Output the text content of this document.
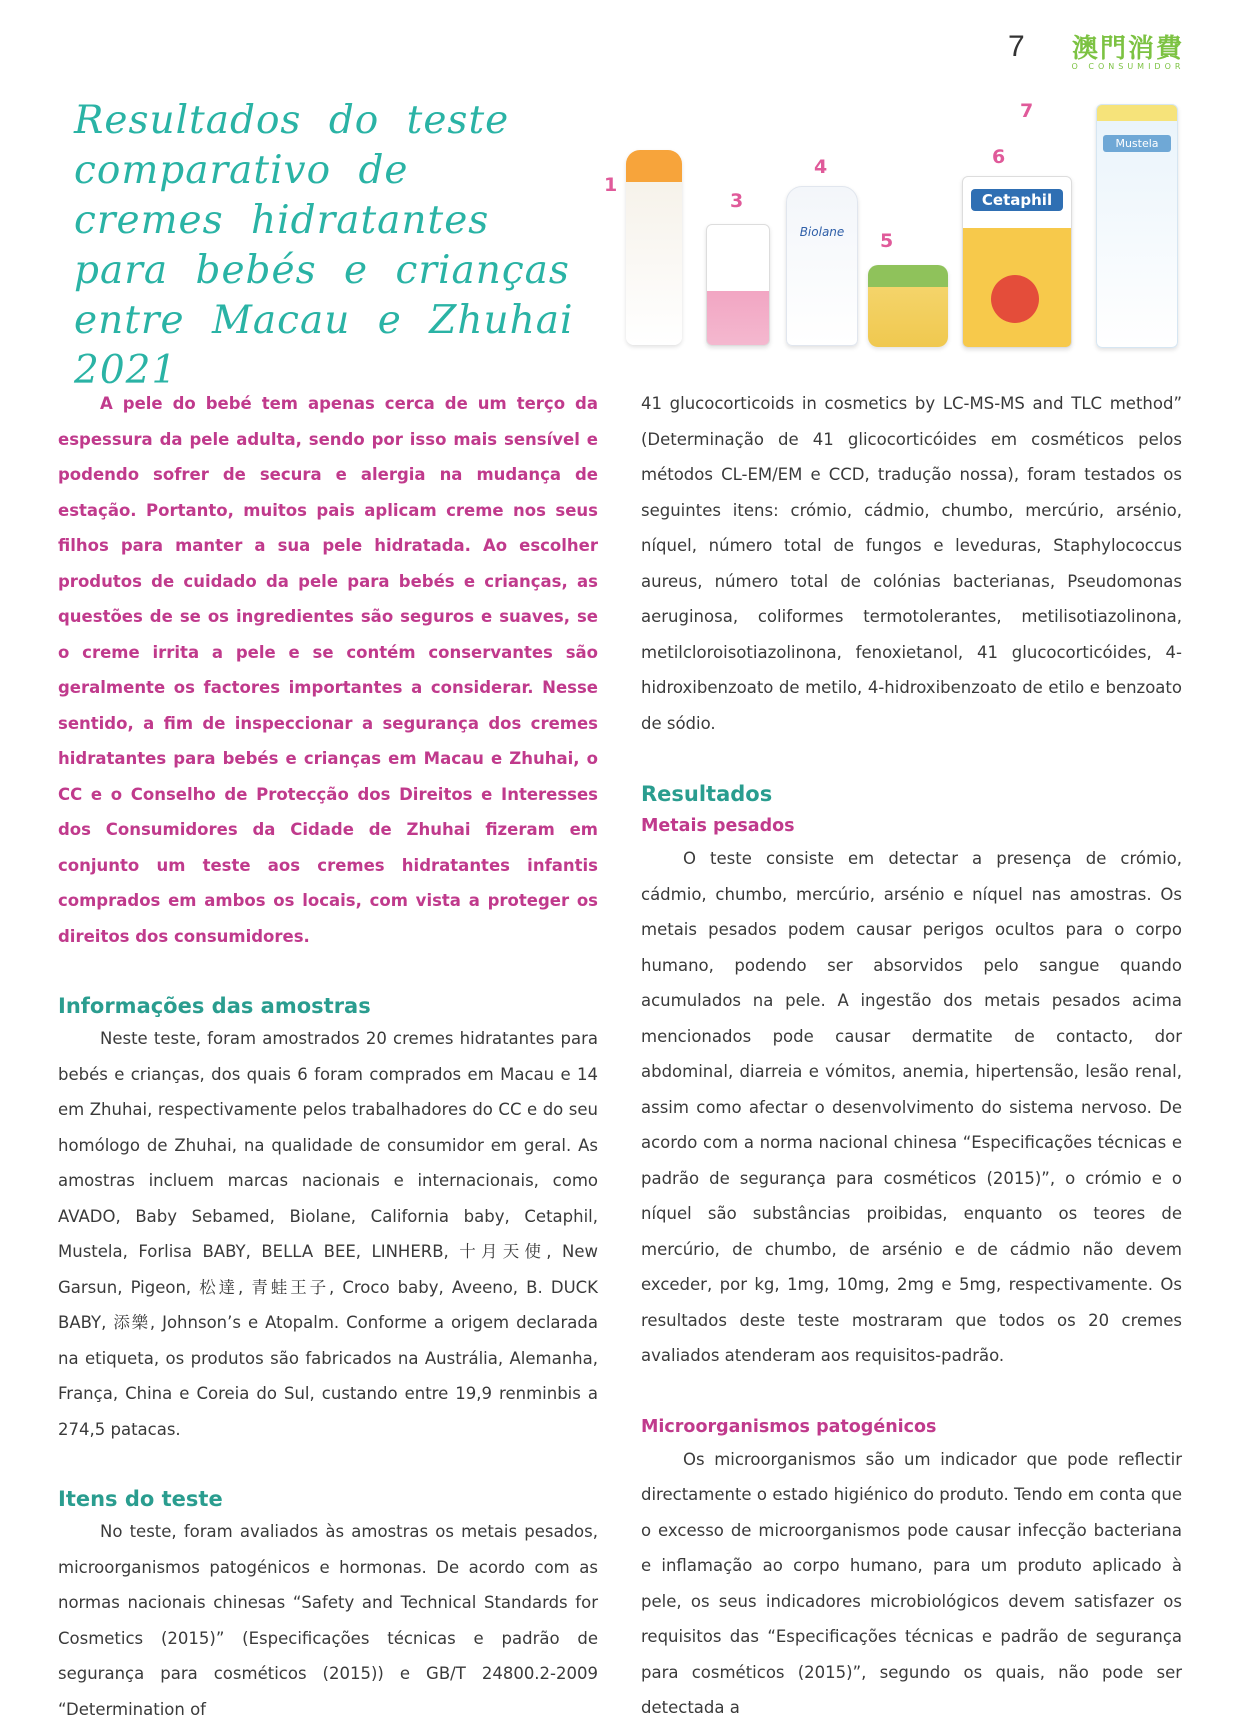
7 澳門消費
O CONSUMIDOR
Resultados do teste comparativo de cremes hidratantes para bebés e crianças entre Macau e Zhuhai 2021
1
3
4
Biolane	5
6
Cetaphil
7
Mustela

A pele do bebé tem apenas cerca de um terço da espessura da pele adulta, sendo por isso mais sensível e podendo sofrer de secura e alergia na mudança de estação. Portanto, muitos pais aplicam creme nos seus filhos para manter a sua pele hidratada. Ao escolher produtos de cuidado da pele para bebés e crianças, as questões de se os ingredientes são seguros e suaves, se o creme irrita a pele e se contém conservantes são geralmente os factores importantes a considerar. Nesse sentido, a fim de inspeccionar a segurança dos cremes hidratantes para bebés e crianças em Macau e Zhuhai, o CC e o Conselho de Protecção dos Direitos e Interesses dos Consumidores da Cidade de Zhuhai fizeram em conjunto um teste aos cremes hidratantes infantis comprados em ambos os locais, com vista a proteger os direitos dos consumidores.

Informações das amostras

Neste teste, foram amostrados 20 cremes hidratantes para bebés e crianças, dos quais 6 foram comprados em Macau e 14 em Zhuhai, respectivamente pelos trabalhadores do CC e do seu homólogo de Zhuhai, na qualidade de consumidor em geral. As amostras incluem marcas nacionais e internacionais, como AVADO, Baby Sebamed, Biolane, California baby, Cetaphil, Mustela, Forlisa BABY, BELLA BEE, LINHERB, 十月天使, New Garsun, Pigeon, 松達, 青蛙王子, Croco baby, Aveeno, B. DUCK BABY, 添樂, Johnson’s e Atopalm. Conforme a origem declarada na etiqueta, os produtos são fabricados na Austrália, Alemanha, França, China e Coreia do Sul, custando entre 19,9 renminbis a 274,5 patacas.

Itens do teste

No teste, foram avaliados às amostras os metais pesados, microorganismos patogénicos e hormonas. De acordo com as normas nacionais chinesas “Safety and Technical Standards for Cosmetics (2015)” (Especificações técnicas e padrão de segurança para cosméticos (2015)) e GB/T 24800.2-2009 “Determination of

41 glucocorticoids in cosmetics by LC-MS-MS and TLC method” (Determinação de 41 glicocorticóides em cosméticos pelos métodos CL-EM/EM e CCD, tradução nossa), foram testados os seguintes itens: crómio, cádmio, chumbo, mercúrio, arsénio, níquel, número total de fungos e leveduras, Staphylococcus aureus, número total de colónias bacterianas, Pseudomonas aeruginosa, coliformes termotolerantes, metilisotiazolinona, metilcloroisotiazolinona, fenoxietanol, 41 glucocorticóides, 4-hidroxibenzoato de metilo, 4-hidroxibenzoato de etilo e benzoato de sódio.

Resultados
Metais pesados

O teste consiste em detectar a presença de crómio, cádmio, chumbo, mercúrio, arsénio e níquel nas amostras. Os metais pesados podem causar perigos ocultos para o corpo humano, podendo ser absorvidos pelo sangue quando acumulados na pele. A ingestão dos metais pesados acima mencionados pode causar dermatite de contacto, dor abdominal, diarreia e vómitos, anemia, hipertensão, lesão renal, assim como afectar o desenvolvimento do sistema nervoso. De acordo com a norma nacional chinesa “Especificações técnicas e padrão de segurança para cosméticos (2015)”, o crómio e o níquel são substâncias proibidas, enquanto os teores de mercúrio, de chumbo, de arsénio e de cádmio não devem exceder, por kg, 1mg, 10mg, 2mg e 5mg, respectivamente. Os resultados deste teste mostraram que todos os 20 cremes avaliados atenderam aos requisitos-padrão.

Microorganismos patogénicos

Os microorganismos são um indicador que pode reflectir directamente o estado higiénico do produto. Tendo em conta que o excesso de microorganismos pode causar infecção bacteriana e inflamação ao corpo humano, para um produto aplicado à pele, os seus indicadores microbiológicos devem satisfazer os requisitos das “Especificações técnicas e padrão de segurança para cosméticos (2015)”, segundo os quais, não pode ser detectada a
